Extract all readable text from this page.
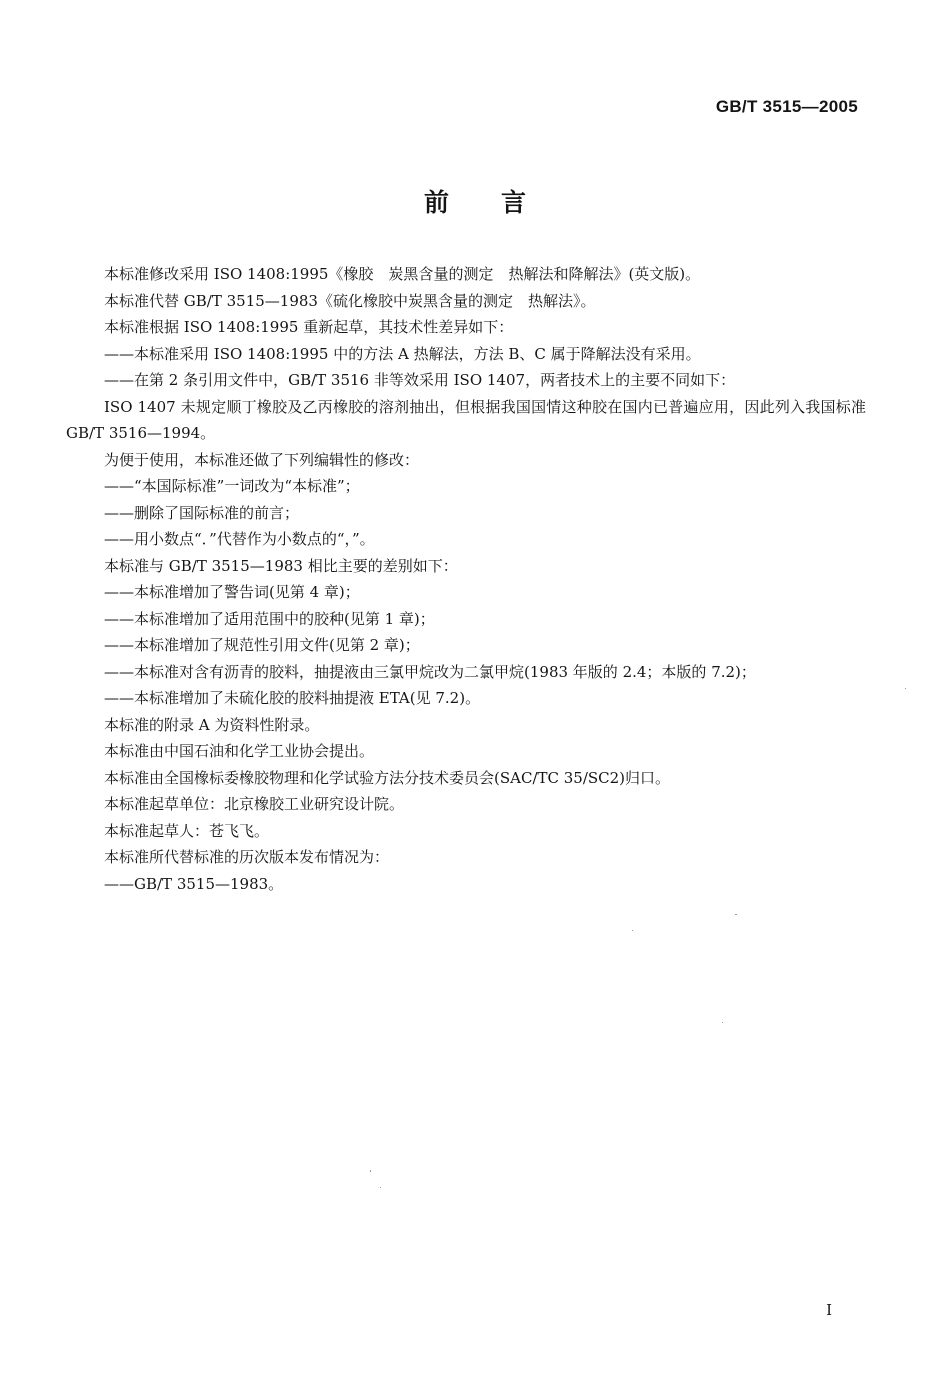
GB/T 3515—2005
前言
本标准修改采用 ISO 1408:1995《橡胶　炭黑含量的测定　热解法和降解法》(英文版)。
本标准代替 GB/T 3515—1983《硫化橡胶中炭黑含量的测定　热解法》。
本标准根据 ISO 1408:1995 重新起草，其技术性差异如下：
——本标准采用 ISO 1408:1995 中的方法 A 热解法，方法 B、C 属于降解法没有采用。
——在第 2 条引用文件中，GB/T 3516 非等效采用 ISO 1407，两者技术上的主要不同如下：
ISO 1407 未规定顺丁橡胶及乙丙橡胶的溶剂抽出，但根据我国国情这种胶在国内已普遍应用，因此列入我国标准 GB/T 3516—1994。
为便于使用，本标准还做了下列编辑性的修改：
——“本国际标准”一词改为“本标准”；
——删除了国际标准的前言；
——用小数点“．”代替作为小数点的“，”。
本标准与 GB/T 3515—1983 相比主要的差别如下：
——本标准增加了警告词(见第 4 章)；
——本标准增加了适用范围中的胶种(见第 1 章)；
——本标准增加了规范性引用文件(见第 2 章)；
——本标准对含有沥青的胶料，抽提液由三氯甲烷改为二氯甲烷(1983 年版的 2.4；本版的 7.2)；
——本标准增加了未硫化胶的胶料抽提液 ETA(见 7.2)。
本标准的附录 A 为资料性附录。
本标准由中国石油和化学工业协会提出。
本标准由全国橡标委橡胶物理和化学试验方法分技术委员会(SAC/TC 35/SC2)归口。
本标准起草单位：北京橡胶工业研究设计院。
本标准起草人：苍飞飞。
本标准所代替标准的历次版本发布情况为：
——GB/T 3515—1983。
I
